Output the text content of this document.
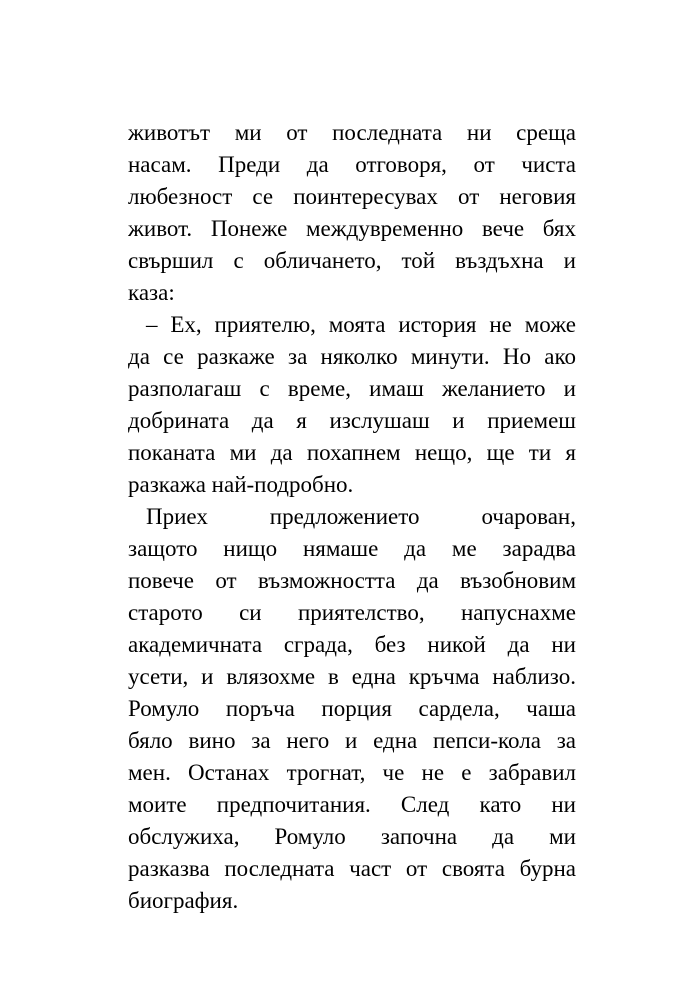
животът ми от последната ни среща
насам. Преди да отговоря, от чиста
любезност се поинтересувах от неговия
живот. Понеже междувременно вече бях
свършил с обличането, той въздъхна и
каза:
– Ех, приятелю, моята история не може
да се разкаже за няколко минути. Но ако
разполагаш с време, имаш желанието и
добрината да я изслушаш и приемеш
поканата ми да похапнем нещо, ще ти я
разкажа най-подробно.
Приех предложението очарован,
защото нищо нямаше да ме зарадва
повече от възможността да възобновим
старото си приятелство, напуснахме
академичната сграда, без никой да ни
усети, и влязохме в една кръчма наблизо.
Ромуло поръча порция сардела, чаша
бяло вино за него и една пепси-кола за
мен. Останах трогнат, че не е забравил
моите предпочитания. След като ни
обслужиха, Ромуло започна да ми
разказва последната част от своята бурна
биография.
